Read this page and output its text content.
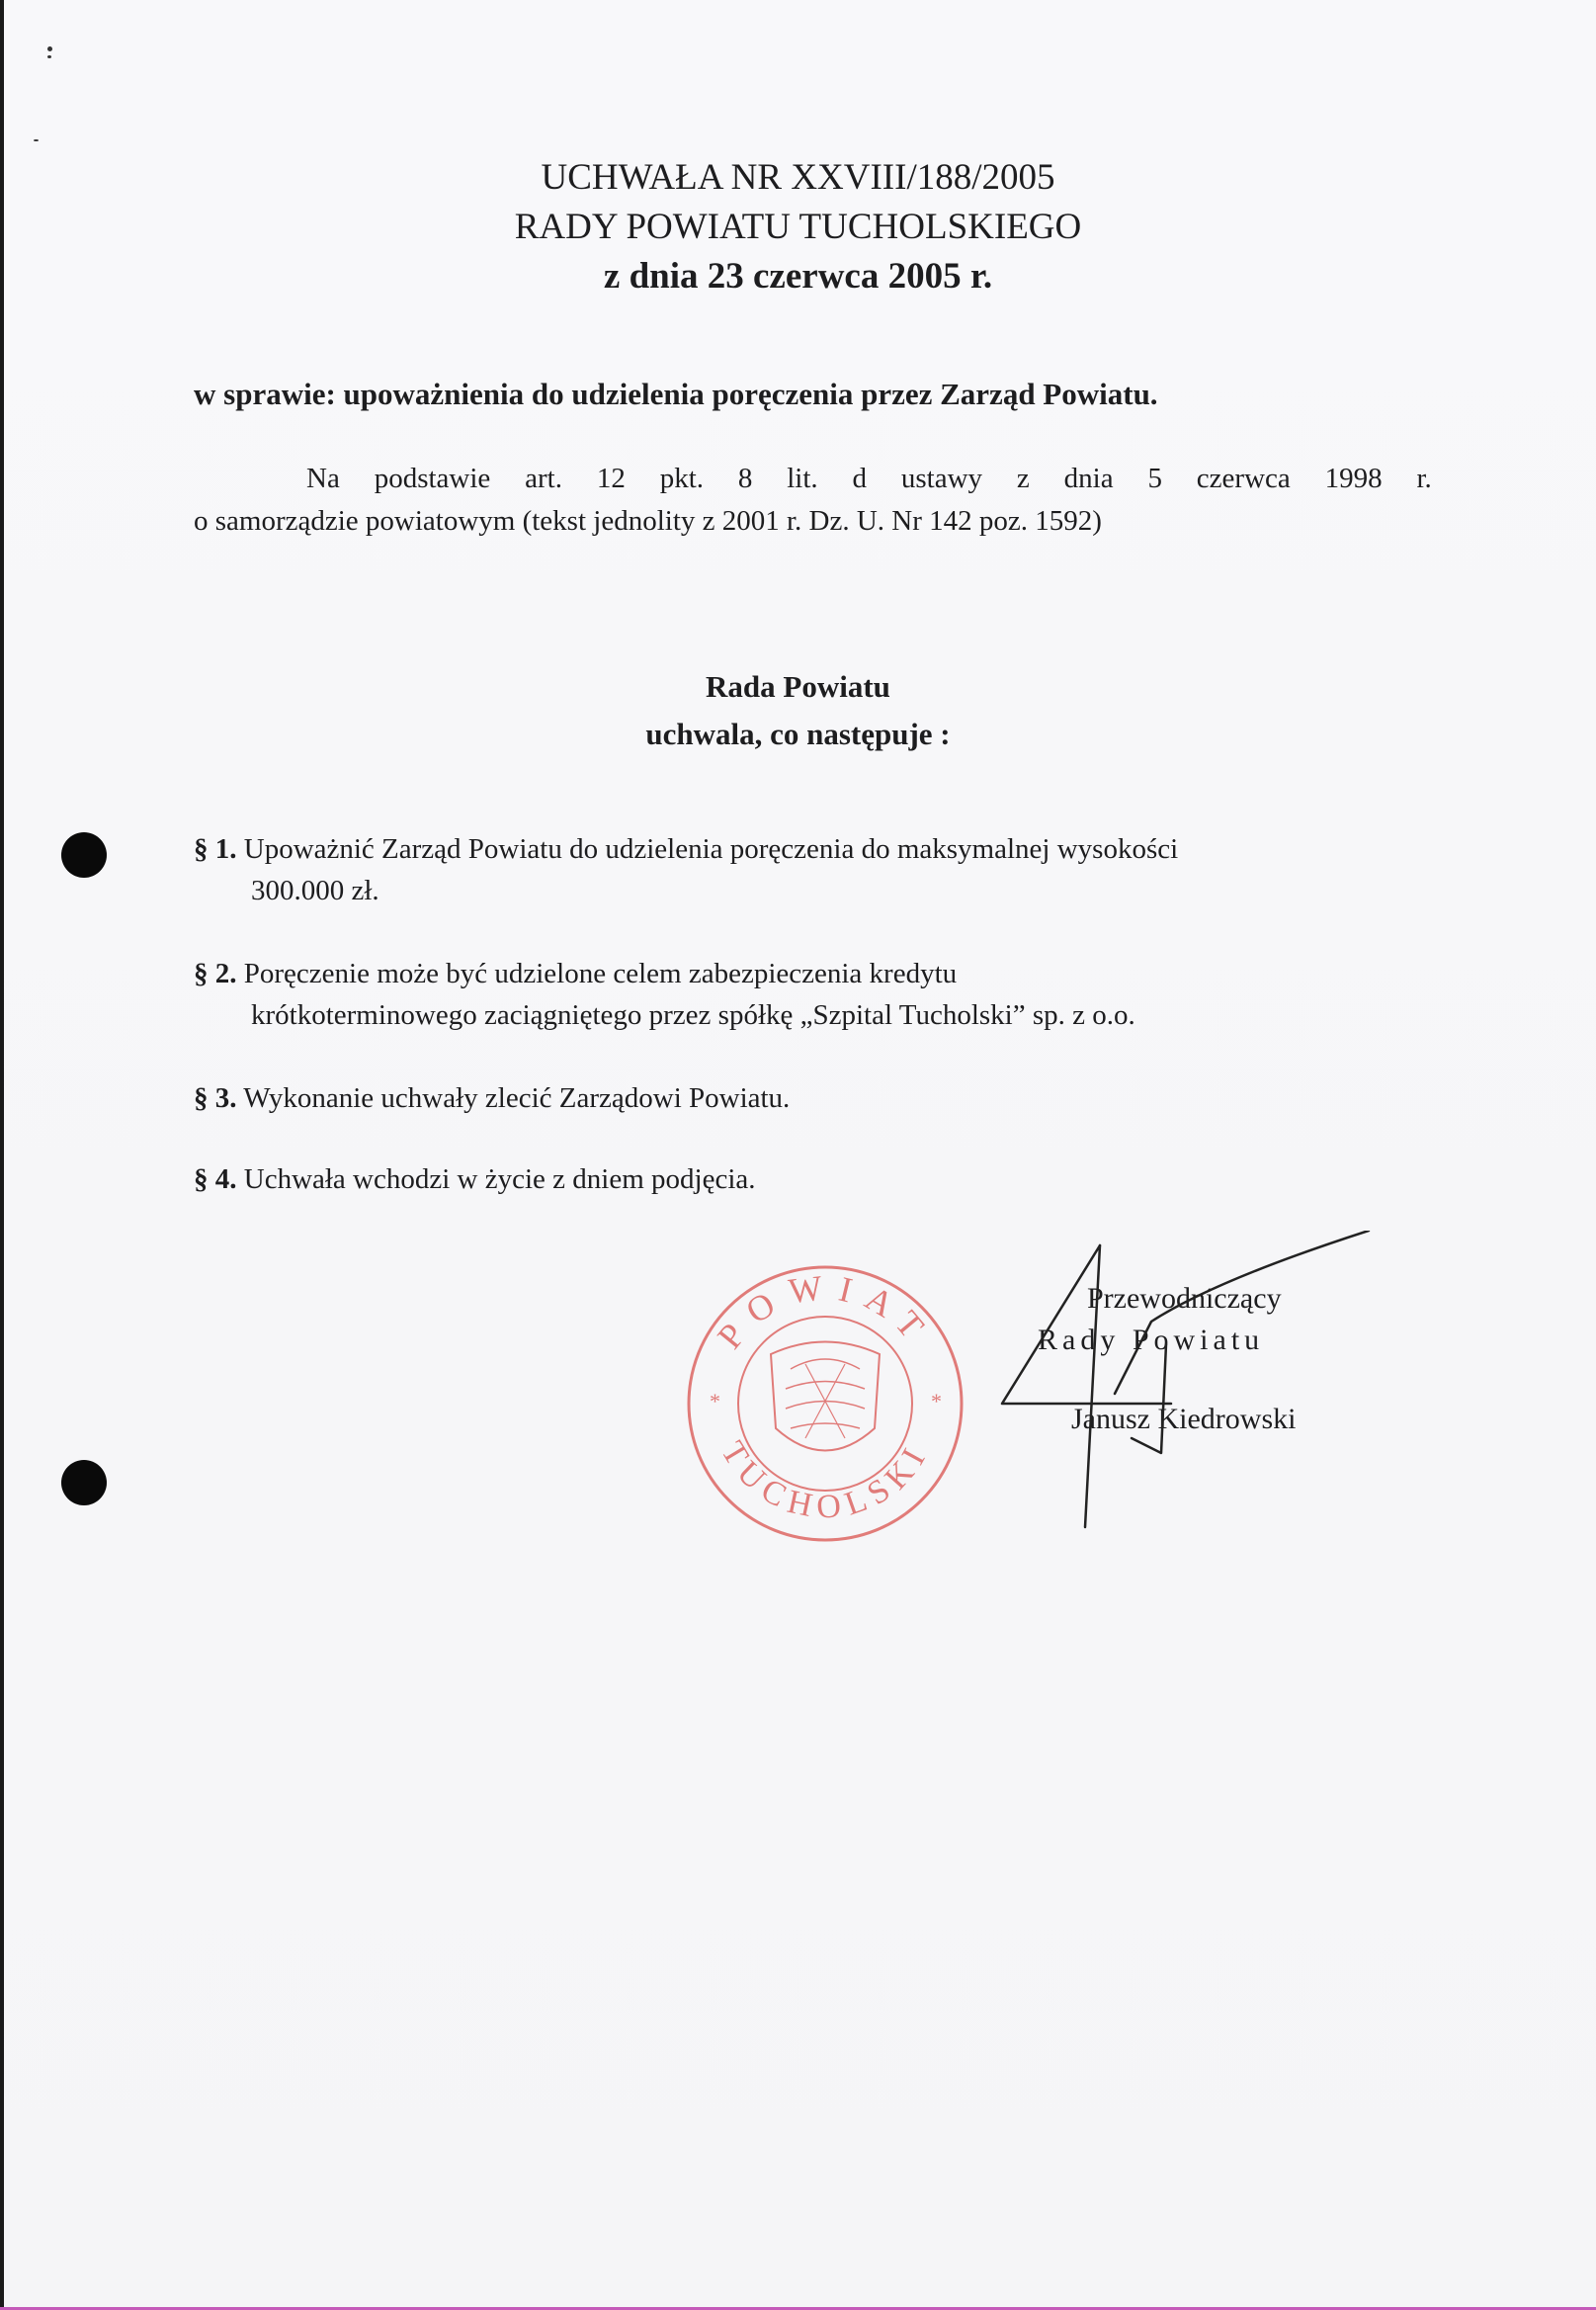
UCHWAŁA NR XXVIII/188/2005
RADY POWIATU TUCHOLSKIEGO
z dnia 23 czerwca 2005 r.
w sprawie: upoważnienia do udzielenia poręczenia przez Zarząd Powiatu.
Na podstawie art. 12 pkt. 8 lit. d ustawy z dnia 5 czerwca 1998 r.
o samorządzie powiatowym (tekst jednolity z 2001 r. Dz. U. Nr 142 poz. 1592)
Rada Powiatu
uchwala, co następuje :
§ 1. Upoważnić Zarząd Powiatu do udzielenia poręczenia do maksymalnej wysokości
300.000 zł.
§ 2. Poręczenie może być udzielone celem zabezpieczenia kredytu
krótkoterminowego zaciągniętego przez spółkę „Szpital Tucholski” sp. z o.o.
§ 3. Wykonanie uchwały zlecić Zarządowi Powiatu.
§ 4. Uchwała wchodzi w życie z dniem podjęcia.
POWIAT
TUCHOLSKI
*	*
Przewodniczący
Rady Powiatu
Janusz Kiedrowski
